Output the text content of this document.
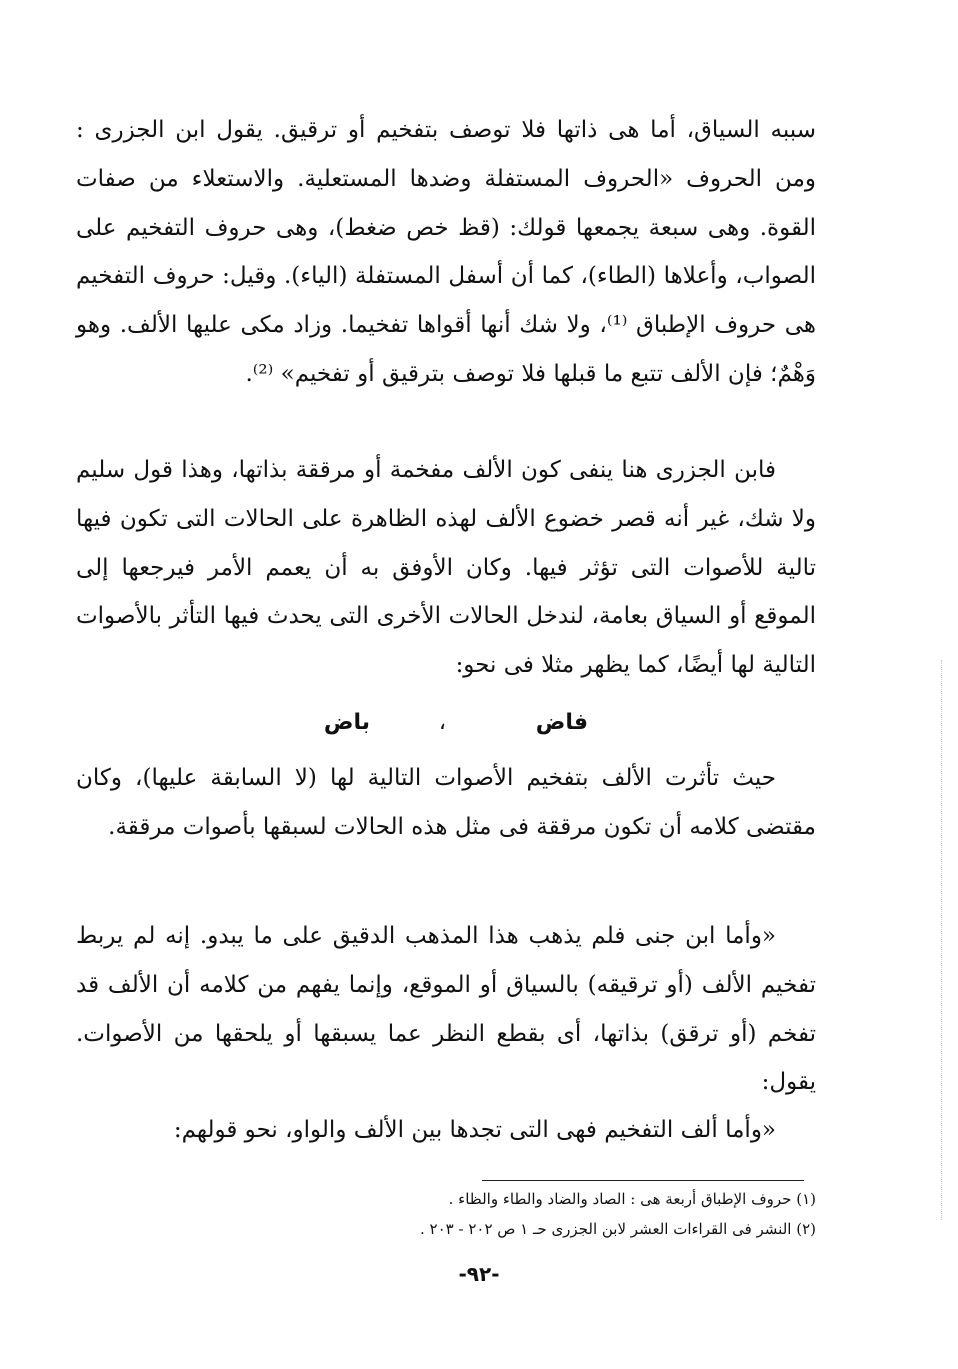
سببه السياق، أما هى ذاتها فلا توصف بتفخيم أو ترقيق. يقول ابن الجزرى : ومن الحروف «الحروف المستفلة وضدها المستعلية. والاستعلاء من صفات القوة. وهى سبعة يجمعها قولك: (قظ خص ضغط)، وهى حروف التفخيم على الصواب، وأعلاها (الطاء)، كما أن أسفل المستفلة (الياء). وقيل: حروف التفخيم هى حروف الإطباق ⁽¹⁾، ولا شك أنها أقواها تفخيما. وزاد مكى عليها الألف. وهو وَهْمٌ؛ فإن الألف تتبع ما قبلها فلا توصف بترقيق أو تفخيم» ⁽²⁾.

فابن الجزرى هنا ينفى كون الألف مفخمة أو مرققة بذاتها، وهذا قول سليم ولا شك، غير أنه قصر خضوع الألف لهذه الظاهرة على الحالات التى تكون فيها تالية للأصوات التى تؤثر فيها. وكان الأوفق به أن يعمم الأمر فيرجعها إلى الموقع أو السياق بعامة، لندخل الحالات الأخرى التى يحدث فيها التأثر بالأصوات التالية لها أيضًا، كما يظهر مثلا فى نحو:

فاض
،
باض

حيث تأثرت الألف بتفخيم الأصوات التالية لها (لا السابقة عليها)، وكان مقتضى كلامه أن تكون مرققة فى مثل هذه الحالات لسبقها بأصوات مرققة.

«وأما ابن جنى فلم يذهب هذا المذهب الدقيق على ما يبدو. إنه لم يربط تفخيم الألف (أو ترقيقه) بالسياق أو الموقع، وإنما يفهم من كلامه أن الألف قد تفخم (أو ترقق) بذاتها، أى بقطع النظر عما يسبقها أو يلحقها من الأصوات. يقول:

«وأما ألف التفخيم فهى التى تجدها بين الألف والواو، نحو قولهم:

(١) حروف الإطباق أربعة هى : الصاد والضاد والطاء والظاء .
(٢) النشر فى القراءات العشر لابن الجزرى حـ ١ ص ٢٠٢ - ٢٠٣ .
-٩٢-
